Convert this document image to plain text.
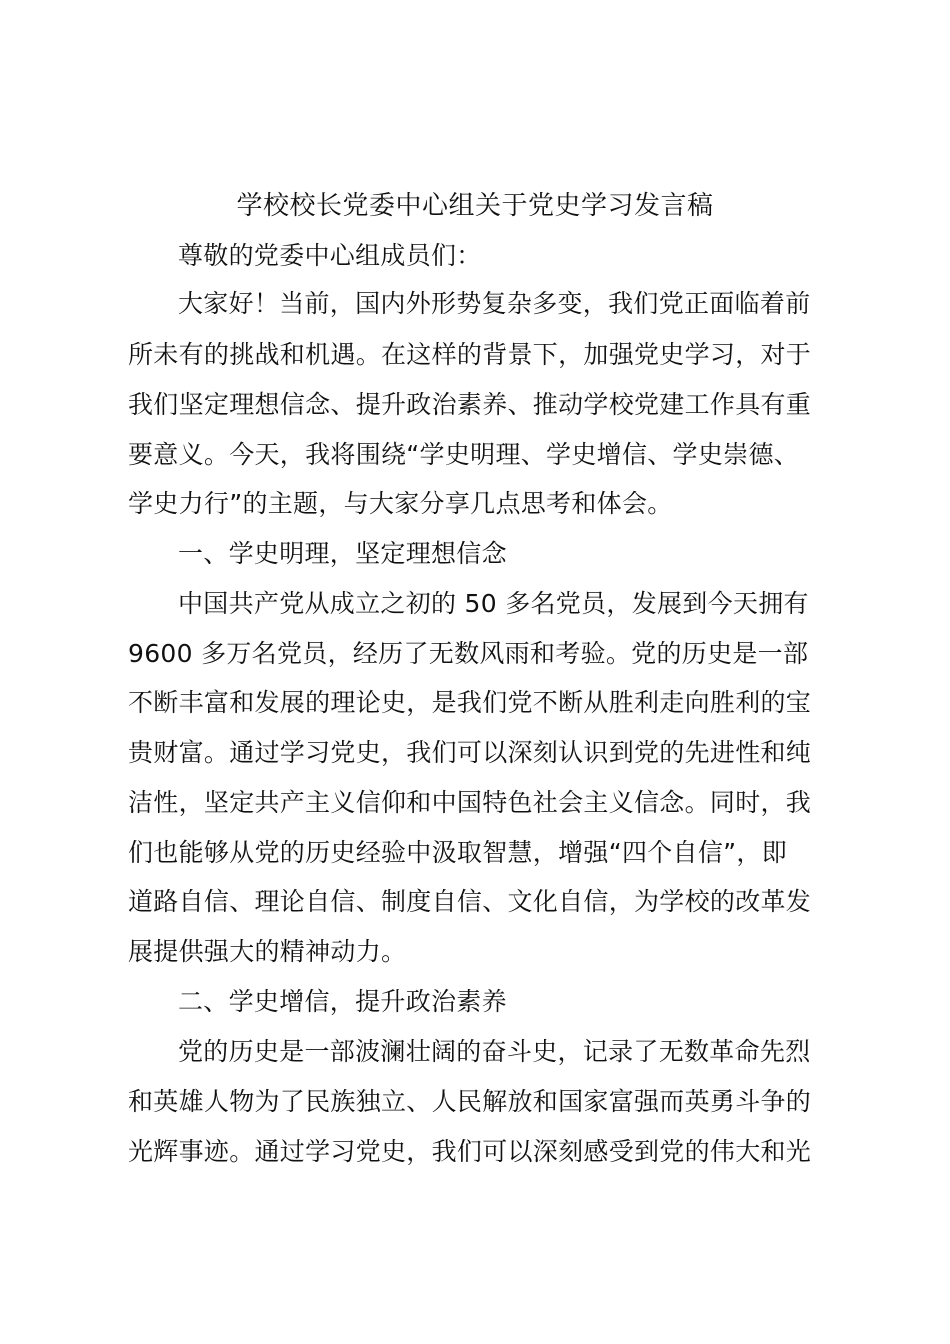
学校校长党委中心组关于党史学习发言稿
尊敬的党委中心组成员们：
大家好！当前，国内外形势复杂多变，我们党正面临着前
所未有的挑战和机遇。在这样的背景下，加强党史学习，对于
我们坚定理想信念、提升政治素养、推动学校党建工作具有重
要意义。今天，我将围绕“学史明理、学史增信、学史崇德、
学史力行”的主题，与大家分享几点思考和体会。
一、学史明理，坚定理想信念
中国共产党从成立之初的 50 多名党员，发展到今天拥有
9600 多万名党员，经历了无数风雨和考验。党的历史是一部
不断丰富和发展的理论史，是我们党不断从胜利走向胜利的宝
贵财富。通过学习党史，我们可以深刻认识到党的先进性和纯
洁性，坚定共产主义信仰和中国特色社会主义信念。同时，我
们也能够从党的历史经验中汲取智慧，增强“四个自信”，即
道路自信、理论自信、制度自信、文化自信，为学校的改革发
展提供强大的精神动力。
二、学史增信，提升政治素养
党的历史是一部波澜壮阔的奋斗史，记录了无数革命先烈
和英雄人物为了民族独立、人民解放和国家富强而英勇斗争的
光辉事迹。通过学习党史，我们可以深刻感受到党的伟大和光
